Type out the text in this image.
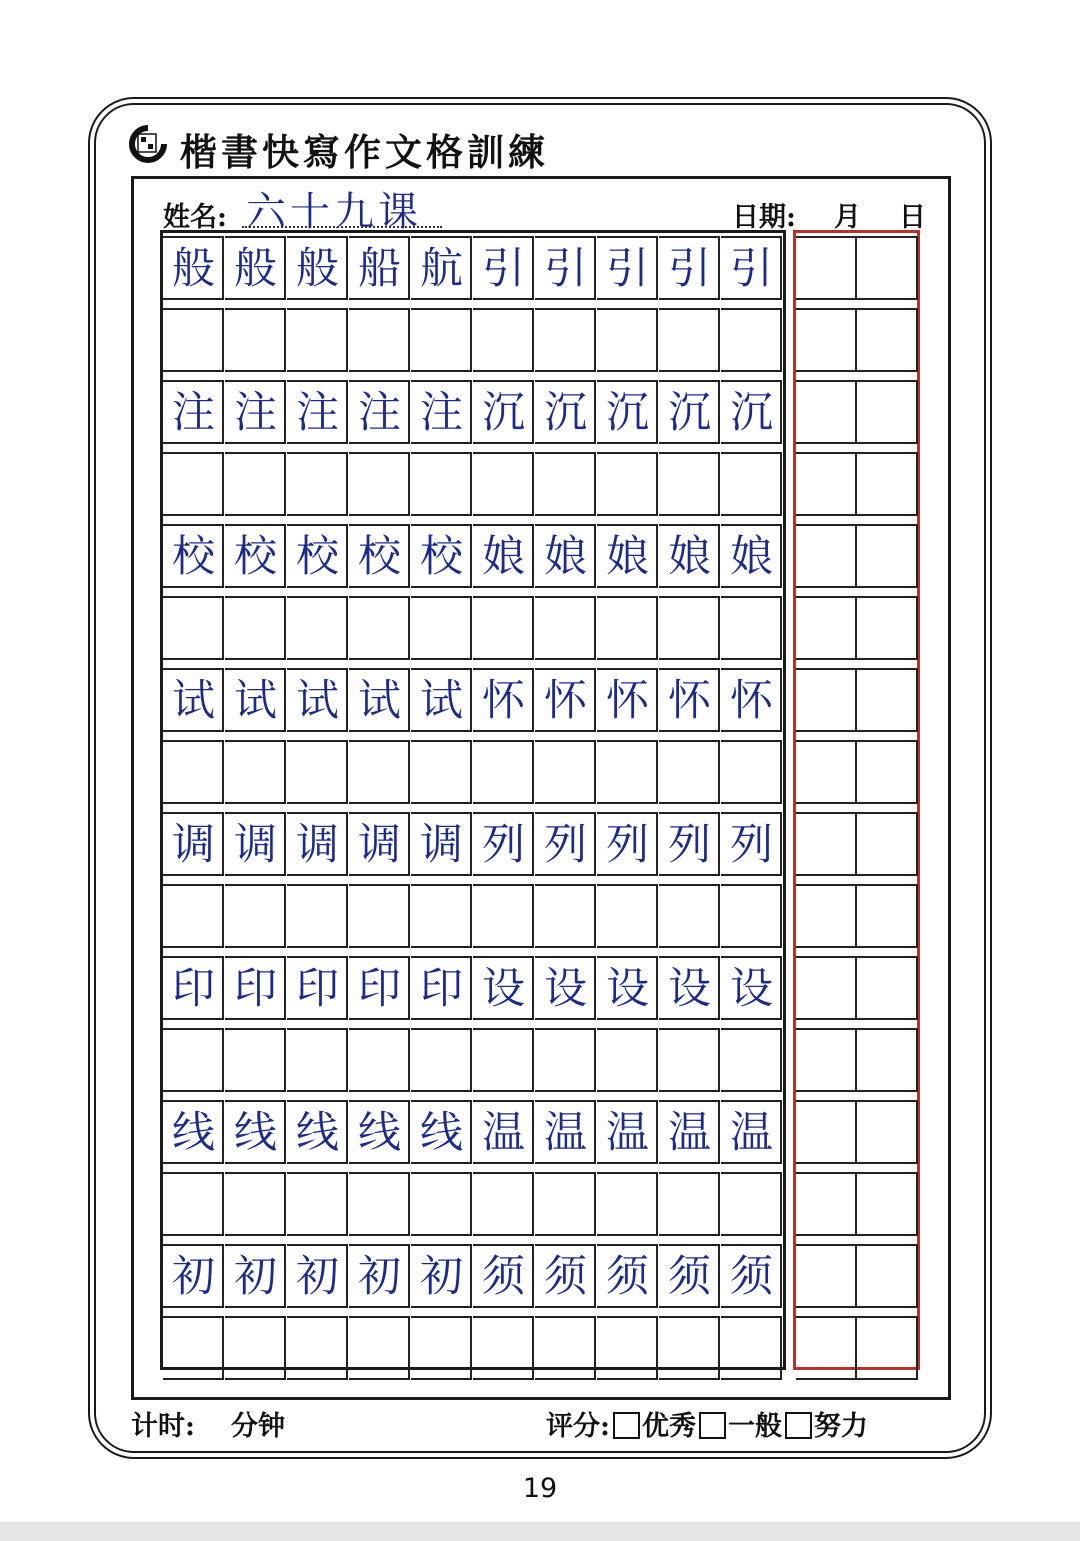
楷書快寫作文格訓練
姓名: 六十九课	日期: 月 日
般 般 般 船 航 引 引 引 引 引
注 注 注 注 注 沉 沉 沉 沉 沉
校 校 校 校 校 娘 娘 娘 娘 娘
试 试 试 试 试 怀 怀 怀 怀 怀
调 调 调 调 调 列 列 列 列 列
印 印 印 印 印 设 设 设 设 设
线 线 线 线 线 温 温 温 温 温
初 初 初 初 初 须 须 须 须 须
计时: 分钟	评分: 优秀 一般 努力
19
